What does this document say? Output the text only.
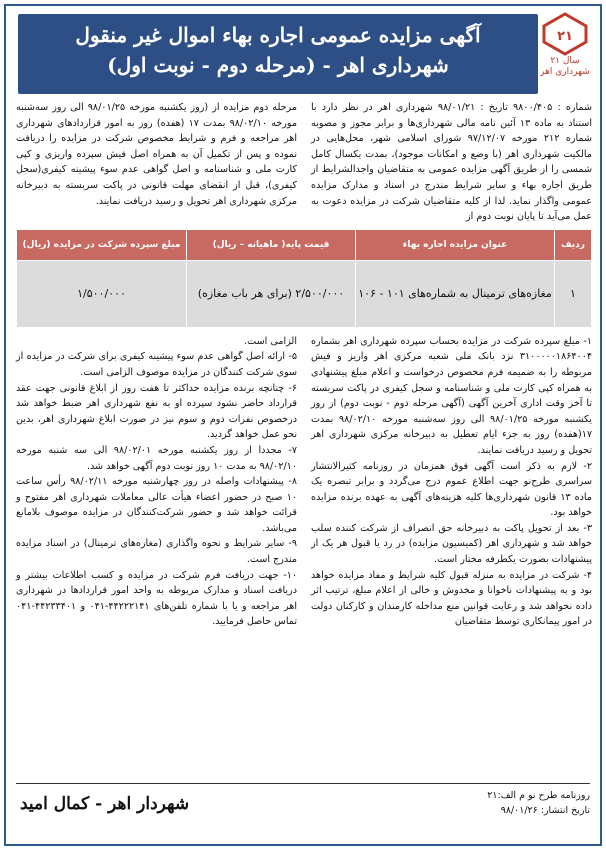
آگهی مزایده عمومی اجاره بهاء اموال غیر منقول
شهرداری اهر - (مرحله دوم - نوبت اول)
۲۱
سال ۲۱ شهرداری اهر
شماره : ۹۸۰۰/۴۰۵ تاریخ : ۹۸/۰۱/۲۱ شهرداری اهر در نظر دارد با استناد به ماده ۱۳ آئین نامه مالی شهرداری‌ها و برابر مجوز و مصوبه شماره ۲۱۲ مورخه ۹۷/۱۲/۰۷ شورای اسلامی شهر، محل‌هایی در مالکیت شهرداری اهر (با وضع و امکانات موجود)، بمدت یکسال کامل شمسی را از طریق آگهی مزایده عمومی به متقاضیان واجدالشرایط از طریق اجاره بهاء و سایر شرایط مندرج در اسناد و مدارک مزایده عمومی واگذار نماید. لذا از کلیه متقاضیان شرکت در مزایده دعوت به عمل می‌آید تا پایان نوبت دوم از
مرحله دوم مزایده از (روز یکشنبه مورخه ۹۸/۰۱/۲۵ الی روز سه‌شنبه مورخه ۹۸/۰۲/۱۰ بمدت ۱۷ (هفده) روز به امور قراردادهای شهرداری اهر مراجعه و فرم و شرایط مخصوص شرکت در مزایده را دریافت نموده و پس از تکمیل آن به همراه اصل فیش سپرده واریزی و کپی کارت ملی و شناسنامه و اصل گواهی عدم سوء پیشینه کیفری(سجل کیفری)، قبل از انقضای مهلت قانونی در پاکت سربسته به دبیرخانه مرکزی شهرداری اهر تحویل و رسید دریافت نمایند.
ردیف	عنوان مزایده اجاره بهاء	قیمت پایه( ماهیانه – ریال)	مبلغ سپرده شرکت در مزایده (ریال)
۱	مغازه‌های ترمینال به شماره‌های ۱۰۱ - ۱۰۶	۲/۵۰۰/۰۰۰ (برای هر باب مغازه)	۱/۵۰۰/۰۰۰
۱- مبلغ سپرده شرکت در مزایده بحساب سپرده شهرداری اهر بشماره ۳۱۰۰۰۰۰۱۸۶۴۰۰۴ نزد بانک ملی شعبه مرکزی اهر واریز و فیش مربوطه را به ضمیمه فرم مخصوص درخواست و اعلام مبلغ پیشنهادی به همراه کپی کارت ملی و شناسنامه و سجل کیفری در پاکت سربسته تا آخر وقت اداری آخرین آگهی (آگهی مرحله دوم - نوبت دوم) از روز یکشنبه مورخه ۹۸/۰۱/۲۵ الی روز سه‌شنبه مورخه ۹۸/۰۲/۱۰ بمدت ۱۷(هفده) روز به جزء ایام تعطیل به دبیرخانه مرکزی شهرداری اهر تحویل و رسید دریافت نمایند.
۲- لازم به ذکر است آگهی فوق همزمان در روزنامه کثیرالانتشار سراسری طرح‌نو جهت اطلاع عموم درج می‌گردد و برابر تبصره یک ماده ۱۳ قانون شهرداری‌ها کلیه هزینه‌های آگهی به عهده برنده مزایده خواهد بود.
۳- بعد از تحویل پاکت به دبیرخانه حق انصراف از شرکت کننده سلب خواهد شد و شهرداری اهر (کمیسیون مزایده) در رد یا قبول هر یک از پیشنهادات بصورت یکطرفه مختار است.
۴- شرکت در مزایده به منزله قبول کلیه شرایط و مفاد مزایده خواهد بود و به پیشنهادات ناخوانا و مخدوش و خالی از اعلام مبلغ، ترتیب اثر داده نخواهد شد و رعایت قوانین منع مداخله کارمندان و کارکنان دولت در امور پیمانکاری توسط متقاضیان
الزامی است.
۵- ارائه اصل گواهی عدم سوء پیشینه کیفری برای شرکت در مزایده از سوی شرکت کنندگان در مزایده موصوف الزامی است.
۶- چنانچه برنده مزایده حداکثر تا هفت روز از ابلاغ قانونی جهت عقد قرارداد حاضر نشود سپرده او به نفع شهرداری اهر ضبط خواهد شد درخصوص نفرات دوم و سوم نیز در صورت ابلاغ شهرداری اهر، بدین نحو عمل خواهد گردید.
۷- مجددا از روز یکشنبه مورخه ۹۸/۰۲/۰۱ الی سه شنبه مورخه ۹۸/۰۲/۱۰ به مدت ۱۰ روز نوبت دوم آگهی خواهد شد.
۸- پیشنهادات واصله در روز چهارشنبه مورخه ۹۸/۰۲/۱۱ رأس ساعت ۱۰ صبح در حضور اعضاء هیأت عالی معاملات شهرداری اهر مفتوح و قرائت خواهد شد و حضور شرکت‌کنندگان در مزایده موصوف بلامانع می‌باشد.
۹- سایر شرایط و نحوه واگذاری (مغازه‌های ترمینال) در اسناد مزایده مندرج است.
۱۰- جهت دریافت فرم شرکت در مزایده و کسب اطلاعات بیشتر و دریافت اسناد و مدارک مربوطه به واحد امور قراردادها در شهرداری اهر مراجعه و یا با شماره تلفن‌های ۴۴۲۲۲۱۴۱-۰۴۱ و ۴۴۲۳۳۴۰۱-۰۴۱ تماس حاصل فرمایید.
روزنامه طرح نو م الف:۲۱
تاریخ انتشار: ۹۸/۰۱/۲۶
شهردار اهر - کمال امید
